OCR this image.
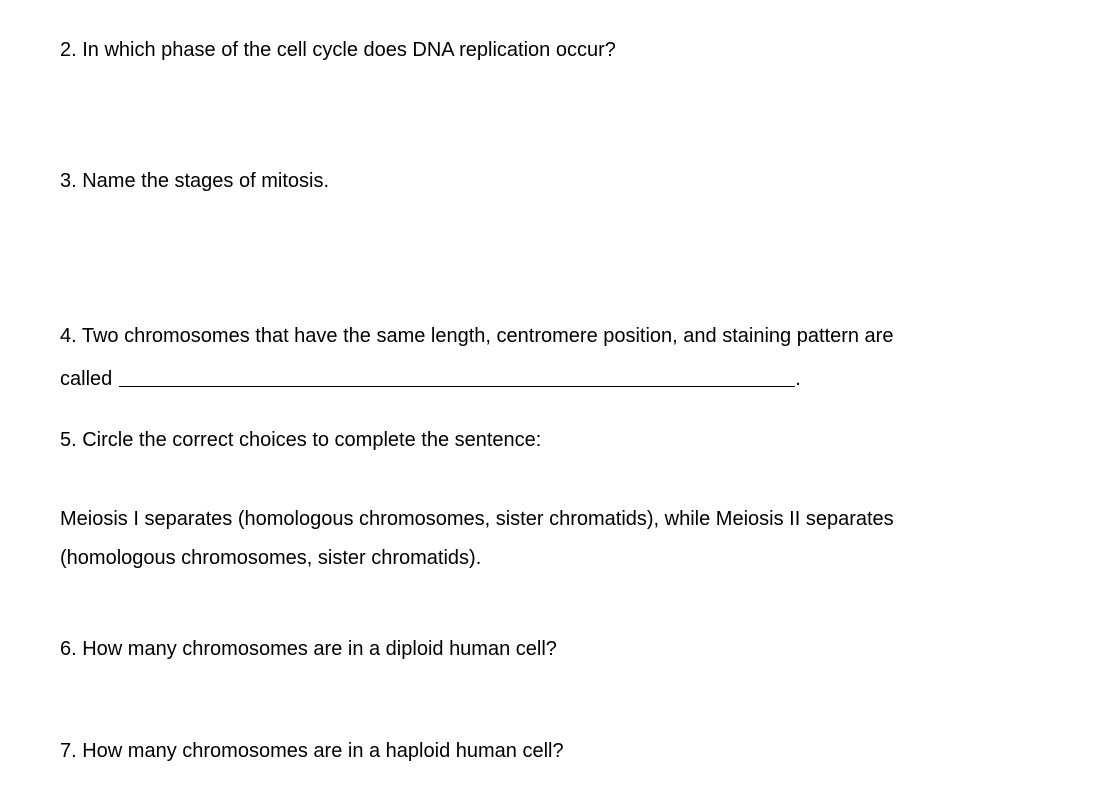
2. In which phase of the cell cycle does DNA replication occur?

3. Name the stages of mitosis.

4. Two chromosomes that have the same length, centromere position, and staining pattern are

called	.

5. Circle the correct choices to complete the sentence:

Meiosis I separates (homologous chromosomes, sister chromatids), while Meiosis II separates

(homologous chromosomes, sister chromatids).

6. How many chromosomes are in a diploid human cell?

7. How many chromosomes are in a haploid human cell?
